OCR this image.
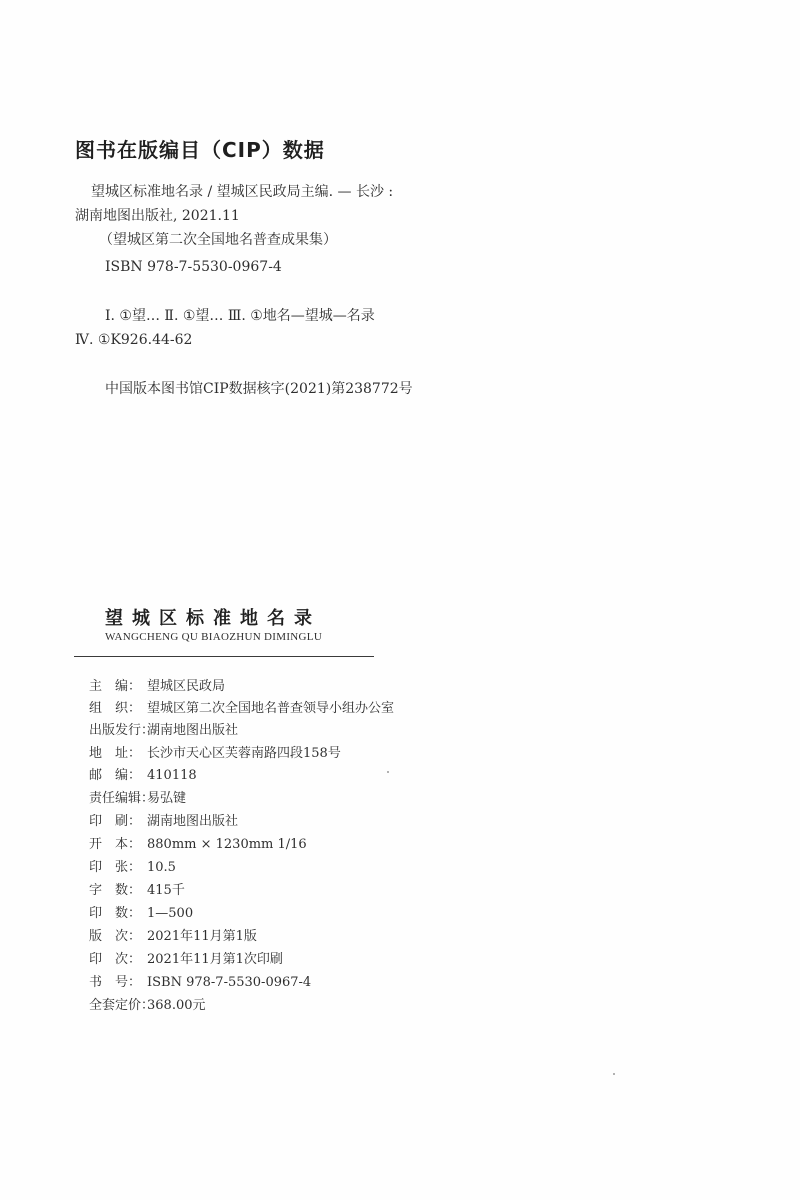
图书在版编目（CIP）数据
望城区标准地名录 / 望城区民政局主编. — 长沙 :
湖南地图出版社, 2021.11
（望城区第二次全国地名普查成果集）
ISBN 978-7-5530-0967-4
Ⅰ. ①望… Ⅱ. ①望… Ⅲ. ①地名—望城—名录
Ⅳ. ①K926.44-62
中国版本图书馆CIP数据核字(2021)第238772号
望城区标准地名录
WANGCHENG QU BIAOZHUN DIMINGLU
主　编： 望城区民政局
组　织： 望城区第二次全国地名普查领导小组办公室
出版发行：
湖南地图出版社
地　址： 长沙市天心区芙蓉南路四段158号
邮　编： 410118
责任编辑：
易弘键
印　刷： 湖南地图出版社
开　本： 880mm × 1230mm 1/16
印　张： 10.5
字　数： 415千
印　数： 1—500
版　次： 2021年11月第1版
印　次： 2021年11月第1次印刷
书　号： ISBN 978-7-5530-0967-4
全套定价：
368.00元
